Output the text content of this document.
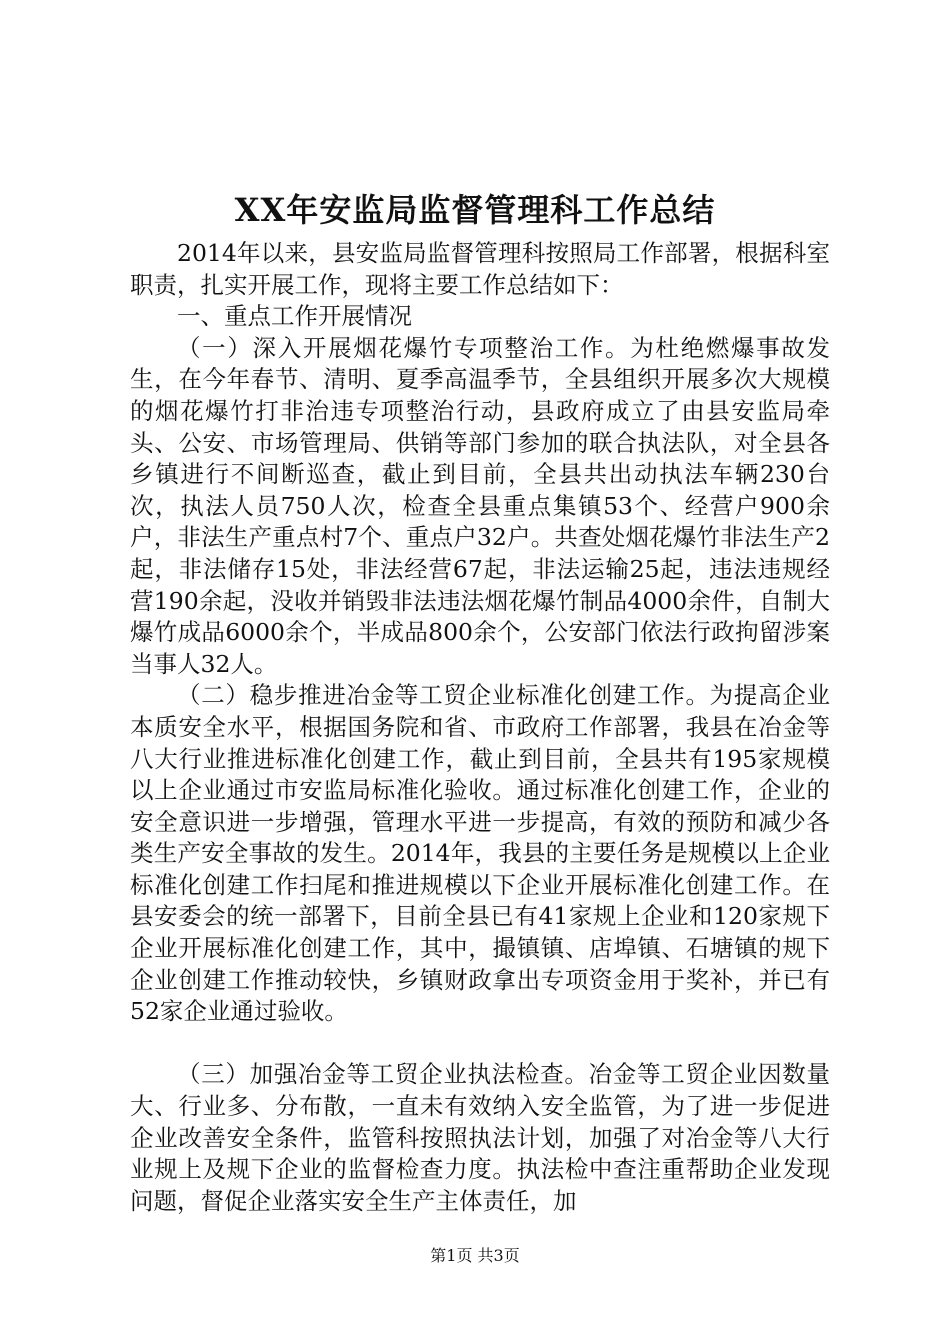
XX年安监局监督管理科工作总结

2014年以来，县安监局监督管理科按照局工作部署，根据科室职责，扎实开展工作，现将主要工作总结如下：

一、重点工作开展情况

（一）深入开展烟花爆竹专项整治工作。为杜绝燃爆事故发生，在今年春节、清明、夏季高温季节，全县组织开展多次大规模的烟花爆竹打非治违专项整治行动，县政府成立了由县安监局牵头、公安、市场管理局、供销等部门参加的联合执法队，对全县各乡镇进行不间断巡查，截止到目前，全县共出动执法车辆230台次，执法人员750人次，检查全县重点集镇53个、经营户900余户，非法生产重点村7个、重点户32户。共查处烟花爆竹非法生产2起，非法储存15处，非法经营67起，非法运输25起，违法违规经营190余起，没收并销毁非法违法烟花爆竹制品4000余件，自制大爆竹成品6000余个，半成品800余个，公安部门依法行政拘留涉案当事人32人。

（二）稳步推进冶金等工贸企业标准化创建工作。为提高企业本质安全水平，根据国务院和省、市政府工作部署，我县在冶金等八大行业推进标准化创建工作，截止到目前，全县共有195家规模以上企业通过市安监局标准化验收。通过标准化创建工作，企业的安全意识进一步增强，管理水平进一步提高，有效的预防和减少各类生产安全事故的发生。2014年，我县的主要任务是规模以上企业标准化创建工作扫尾和推进规模以下企业开展标准化创建工作。在县安委会的统一部署下，目前全县已有41家规上企业和120家规下企业开展标准化创建工作，其中，撮镇镇、店埠镇、石塘镇的规下企业创建工作推动较快，乡镇财政拿出专项资金用于奖补，并已有52家企业通过验收。

（三）加强冶金等工贸企业执法检查。冶金等工贸企业因数量大、行业多、分布散，一直未有效纳入安全监管，为了进一步促进企业改善安全条件，监管科按照执法计划，加强了对冶金等八大行业规上及规下企业的监督检查力度。执法检中查注重帮助企业发现问题，督促企业落实安全生产主体责任，加

第1页 共3页
